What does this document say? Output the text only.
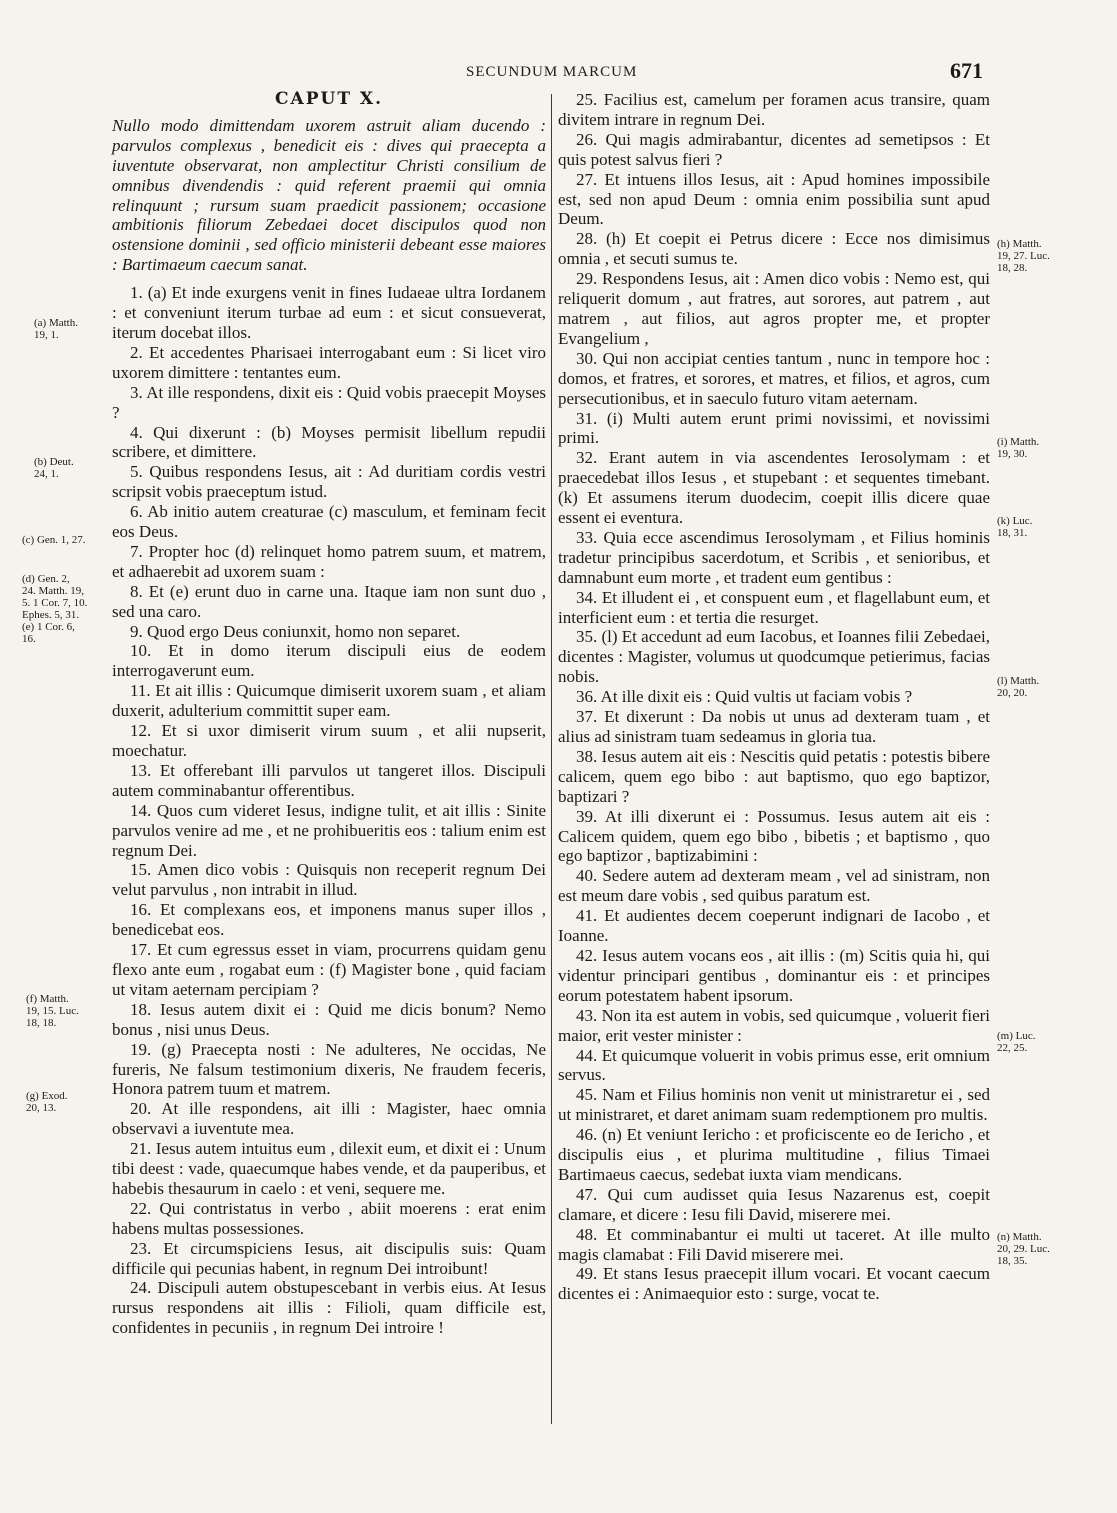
SECUNDUM MARCUM	671
CAPUT X.

Nullo modo dimittendam uxorem astruit aliam ducendo : parvulos complexus , benedicit eis : dives qui praecepta a iuventute observarat, non amplectitur Christi consilium de omnibus divendendis : quid referent praemii qui omnia relinquunt ; rursum suam praedicit passionem; occasione ambitionis filiorum Zebedaei docet discipulos quod non ostensione dominii , sed officio ministerii debeant esse maiores : Bartimaeum caecum sanat.

1. (a) Et inde exurgens venit in fines Iudaeae ultra Iordanem : et conveniunt iterum turbae ad eum : et sicut consueverat, iterum docebat illos.

2. Et accedentes Pharisaei interrogabant eum : Si licet viro uxorem dimittere : tentantes eum.

3. At ille respondens, dixit eis : Quid vobis praecepit Moyses ?

4. Qui dixerunt : (b) Moyses permisit libellum repudii scribere, et dimittere.

5. Quibus respondens Iesus, ait : Ad duritiam cordis vestri scripsit vobis praeceptum istud.

6. Ab initio autem creaturae (c) masculum, et feminam fecit eos Deus.

7. Propter hoc (d) relinquet homo patrem suum, et matrem, et adhaerebit ad uxorem suam :

8. Et (e) erunt duo in carne una. Itaque iam non sunt duo , sed una caro.

9. Quod ergo Deus coniunxit, homo non separet.

10. Et in domo iterum discipuli eius de eodem interrogaverunt eum.

11. Et ait illis : Quicumque dimiserit uxorem suam , et aliam duxerit, adulterium committit super eam.

12. Et si uxor dimiserit virum suum , et alii nupserit, moechatur.

13. Et offerebant illi parvulos ut tangeret illos. Discipuli autem comminabantur offerentibus.

14. Quos cum videret Iesus, indigne tulit, et ait illis : Sinite parvulos venire ad me , et ne prohibueritis eos : talium enim est regnum Dei.

15. Amen dico vobis : Quisquis non receperit regnum Dei velut parvulus , non intrabit in illud.

16. Et complexans eos, et imponens manus super illos , benedicebat eos.

17. Et cum egressus esset in viam, procurrens quidam genu flexo ante eum , rogabat eum : (f) Magister bone , quid faciam ut vitam aeternam percipiam ?

18. Iesus autem dixit ei : Quid me dicis bonum? Nemo bonus , nisi unus Deus.

19. (g) Praecepta nosti : Ne adulteres, Ne occidas, Ne fureris, Ne falsum testimonium dixeris, Ne fraudem feceris, Honora patrem tuum et matrem.

20. At ille respondens, ait illi : Magister, haec omnia observavi a iuventute mea.

21. Iesus autem intuitus eum , dilexit eum, et dixit ei : Unum tibi deest : vade, quaecumque habes vende, et da pauperibus, et habebis thesaurum in caelo : et veni, sequere me.

22. Qui contristatus in verbo , abiit moerens : erat enim habens multas possessiones.

23. Et circumspiciens Iesus, ait discipulis suis: Quam difficile qui pecunias habent, in regnum Dei introibunt!

24. Discipuli autem obstupescebant in verbis eius. At Iesus rursus respondens ait illis : Filioli, quam difficile est, confidentes in pecuniis , in regnum Dei introire !

25. Facilius est, camelum per foramen acus transire, quam divitem intrare in regnum Dei.

26. Qui magis admirabantur, dicentes ad semetipsos : Et quis potest salvus fieri ?

27. Et intuens illos Iesus, ait : Apud homines impossibile est, sed non apud Deum : omnia enim possibilia sunt apud Deum.

28. (h) Et coepit ei Petrus dicere : Ecce nos dimisimus omnia , et secuti sumus te.

29. Respondens Iesus, ait : Amen dico vobis : Nemo est, qui reliquerit domum , aut fratres, aut sorores, aut patrem , aut matrem , aut filios, aut agros propter me, et propter Evangelium ,

30. Qui non accipiat centies tantum , nunc in tempore hoc : domos, et fratres, et sorores, et matres, et filios, et agros, cum persecutionibus, et in saeculo futuro vitam aeternam.

31. (i) Multi autem erunt primi novissimi, et novissimi primi.

32. Erant autem in via ascendentes Ierosolymam : et praecedebat illos Iesus , et stupebant : et sequentes timebant. (k) Et assumens iterum duodecim, coepit illis dicere quae essent ei eventura.

33. Quia ecce ascendimus Ierosolymam , et Filius hominis tradetur principibus sacerdotum, et Scribis , et senioribus, et damnabunt eum morte , et tradent eum gentibus :

34. Et illudent ei , et conspuent eum , et flagellabunt eum, et interficient eum : et tertia die resurget.

35. (l) Et accedunt ad eum Iacobus, et Ioannes filii Zebedaei, dicentes : Magister, volumus ut quodcumque petierimus, facias nobis.

36. At ille dixit eis : Quid vultis ut faciam vobis ?

37. Et dixerunt : Da nobis ut unus ad dexteram tuam , et alius ad sinistram tuam sedeamus in gloria tua.

38. Iesus autem ait eis : Nescitis quid petatis : potestis bibere calicem, quem ego bibo : aut baptismo, quo ego baptizor, baptizari ?

39. At illi dixerunt ei : Possumus. Iesus autem ait eis : Calicem quidem, quem ego bibo , bibetis ; et baptismo , quo ego baptizor , baptizabimini :

40. Sedere autem ad dexteram meam , vel ad sinistram, non est meum dare vobis , sed quibus paratum est.

41. Et audientes decem coeperunt indignari de Iacobo , et Ioanne.

42. Iesus autem vocans eos , ait illis : (m) Scitis quia hi, qui videntur principari gentibus , dominantur eis : et principes eorum potestatem habent ipsorum.

43. Non ita est autem in vobis, sed quicumque , voluerit fieri maior, erit vester minister :

44. Et quicumque voluerit in vobis primus esse, erit omnium servus.

45. Nam et Filius hominis non venit ut ministraretur ei , sed ut ministraret, et daret animam suam redemptionem pro multis.

46. (n) Et veniunt Iericho : et proficiscente eo de Iericho , et discipulis eius , et plurima multitudine , filius Timaei Bartimaeus caecus, sedebat iuxta viam mendicans.

47. Qui cum audisset quia Iesus Nazarenus est, coepit clamare, et dicere : Iesu fili David, miserere mei.

48. Et comminabantur ei multi ut taceret. At ille multo magis clamabat : Fili David miserere mei.

49. Et stans Iesus praecepit illum vocari. Et vocant caecum dicentes ei : Animaequior esto : surge, vocat te.

(a) Matth.
19, 1.
(b) Deut.
24, 1.
(c) Gen. 1, 27.
(d) Gen. 2,
24. Matth. 19,
5. 1 Cor. 7, 10.
Ephes. 5, 31.
(e) 1 Cor. 6,
16.
(f) Matth.
19, 15. Luc.
18, 18.
(g) Exod.
20, 13.
(h) Matth.
19, 27. Luc.
18, 28.
(i) Matth.
19, 30.
(k) Luc.
18, 31.
(l) Matth.
20, 20.
(m) Luc.
22, 25.
(n) Matth.
20, 29. Luc.
18, 35.
